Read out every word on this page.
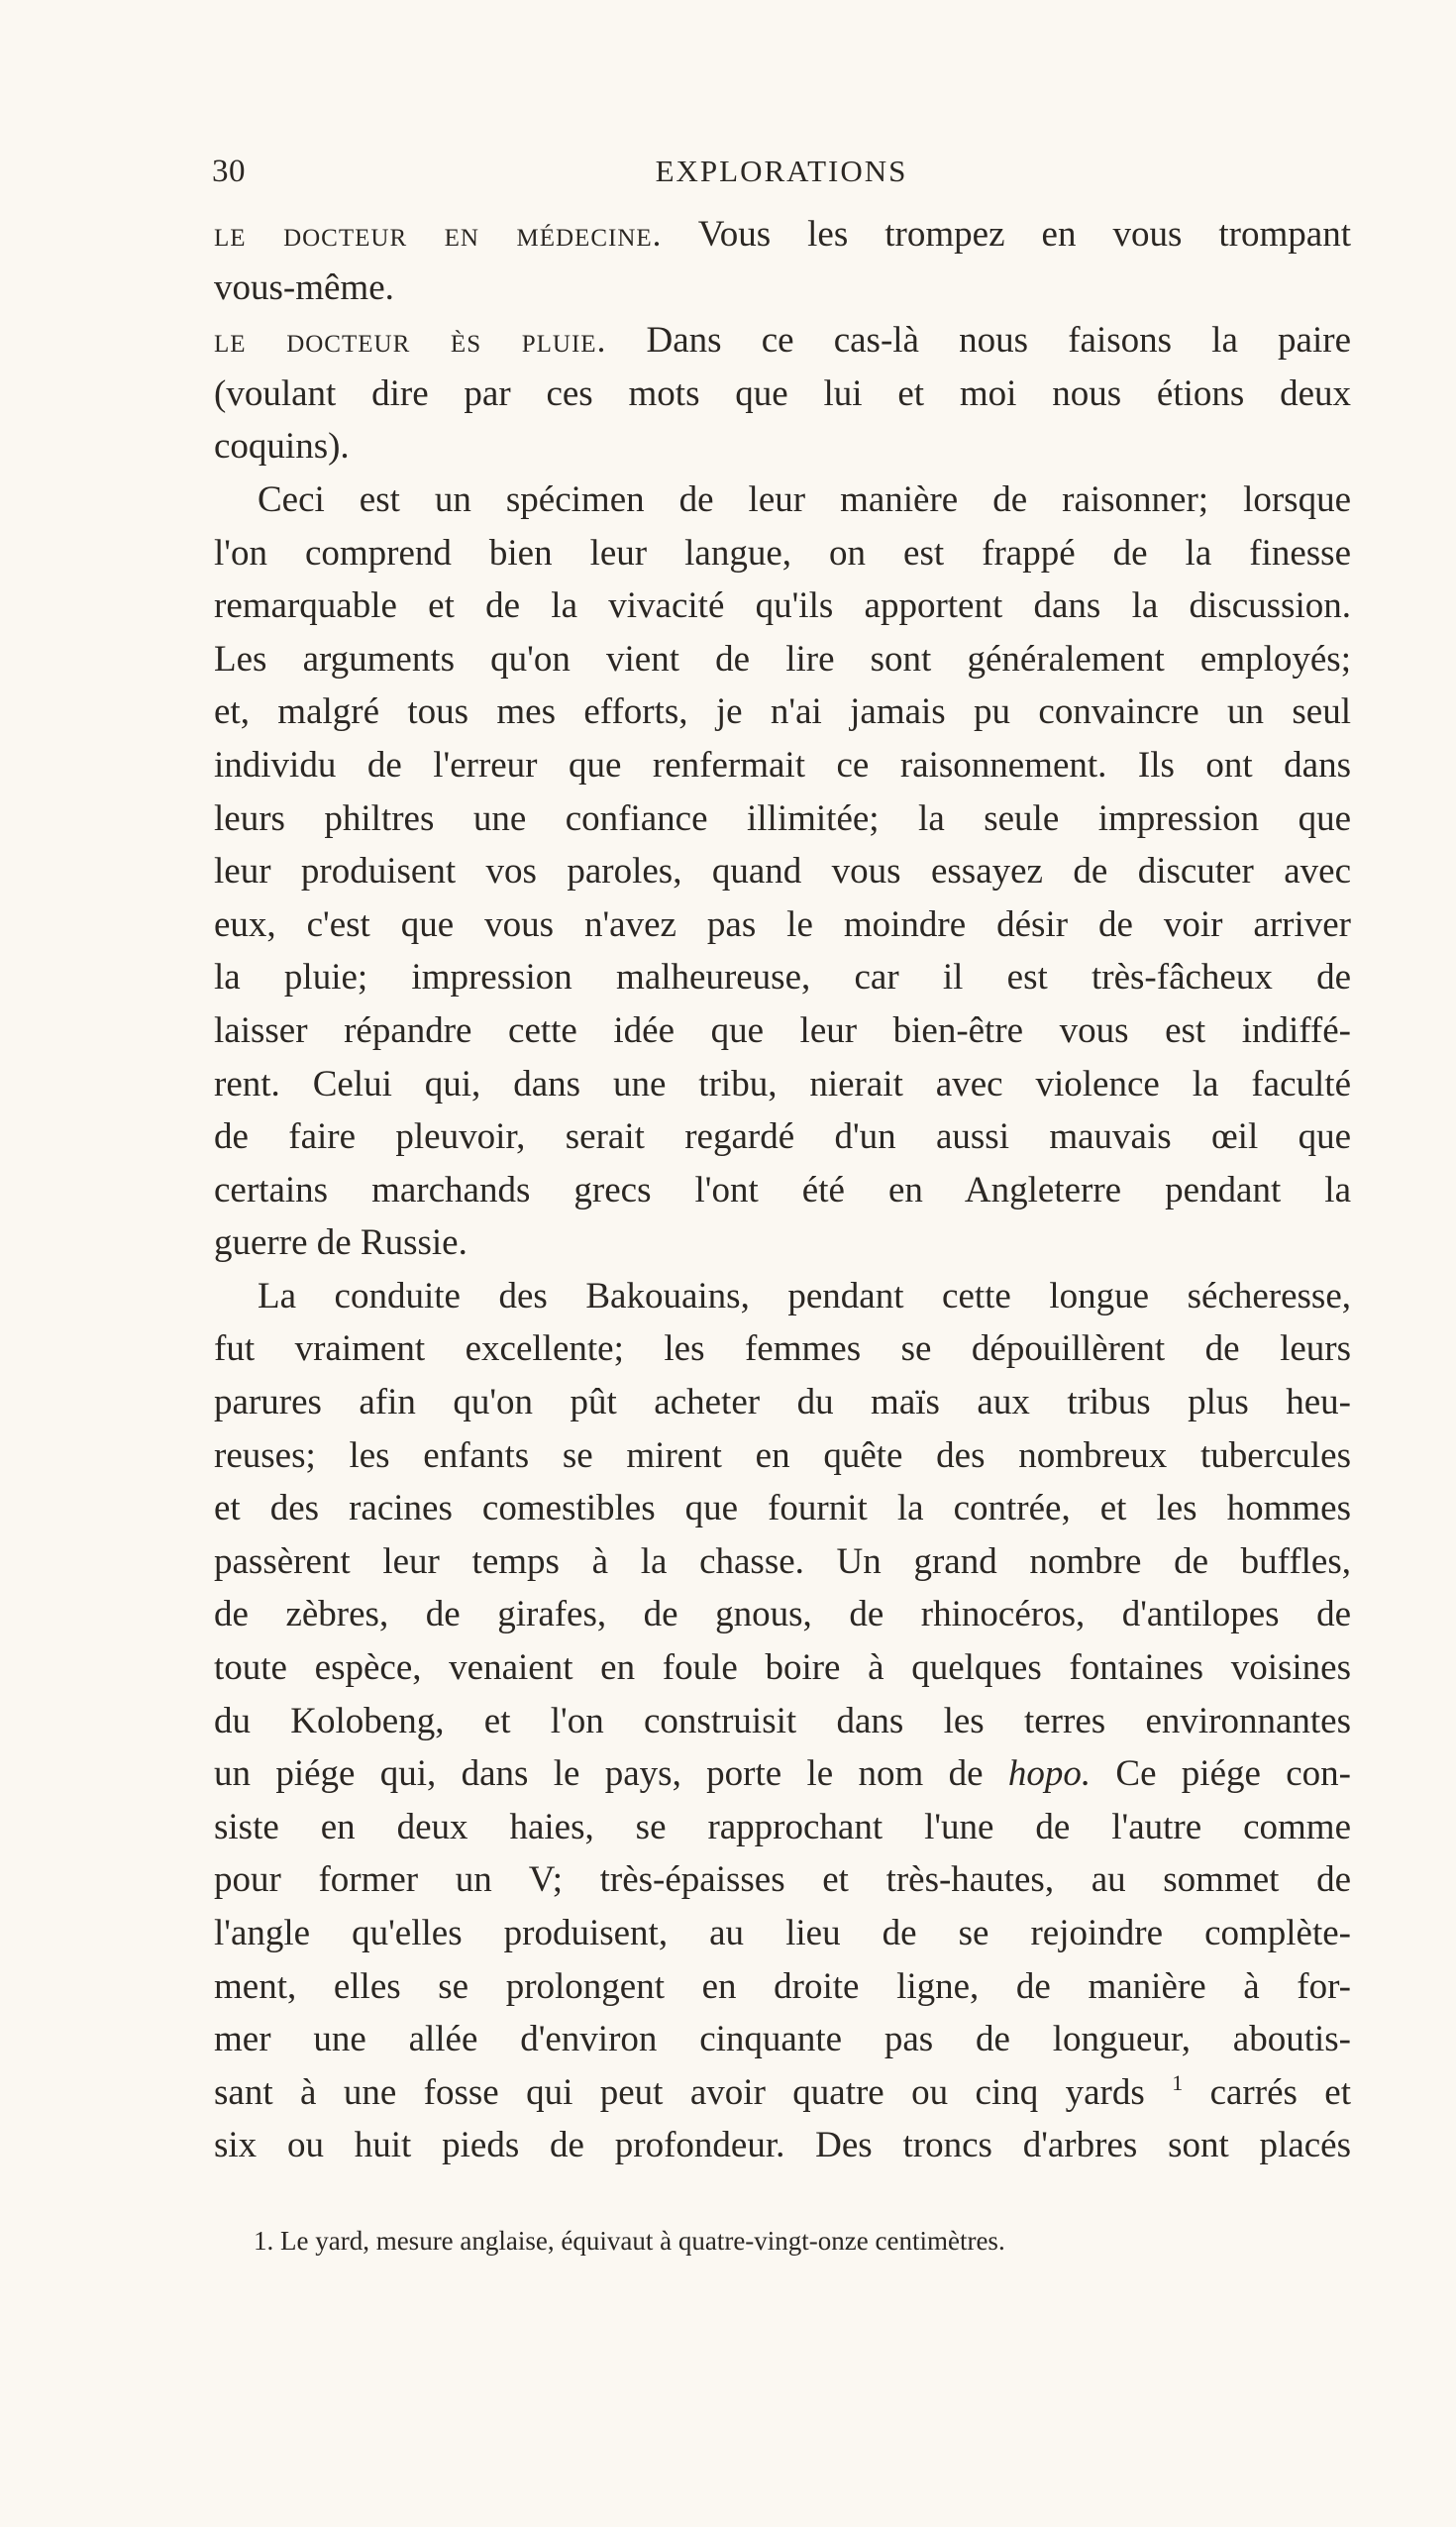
30	EXPLORATIONS
le docteur en médecine. Vous les trompez en vous trompant
vous-même.
le docteur ès pluie. Dans ce cas-là nous faisons la paire
(voulant dire par ces mots que lui et moi nous étions deux
coquins).
Ceci est un spécimen de leur manière de raisonner; lorsque
l'on comprend bien leur langue, on est frappé de la finesse
remarquable et de la vivacité qu'ils apportent dans la discussion.
Les arguments qu'on vient de lire sont généralement employés;
et, malgré tous mes efforts, je n'ai jamais pu convaincre un seul
individu de l'erreur que renfermait ce raisonnement. Ils ont dans
leurs philtres une confiance illimitée; la seule impression que
leur produisent vos paroles, quand vous essayez de discuter avec
eux, c'est que vous n'avez pas le moindre désir de voir arriver
la pluie; impression malheureuse, car il est très-fâcheux de
laisser répandre cette idée que leur bien-être vous est indiffé-
rent. Celui qui, dans une tribu, nierait avec violence la faculté
de faire pleuvoir, serait regardé d'un aussi mauvais œil que
certains marchands grecs l'ont été en Angleterre pendant la
guerre de Russie.
La conduite des Bakouains, pendant cette longue sécheresse,
fut vraiment excellente; les femmes se dépouillèrent de leurs
parures afin qu'on pût acheter du maïs aux tribus plus heu-
reuses; les enfants se mirent en quête des nombreux tubercules
et des racines comestibles que fournit la contrée, et les hommes
passèrent leur temps à la chasse. Un grand nombre de buffles,
de zèbres, de girafes, de gnous, de rhinocéros, d'antilopes de
toute espèce, venaient en foule boire à quelques fontaines voisines
du Kolobeng, et l'on construisit dans les terres environnantes
un piége qui, dans le pays, porte le nom de hopo. Ce piége con-
siste en deux haies, se rapprochant l'une de l'autre comme
pour former un V; très-épaisses et très-hautes, au sommet de
l'angle qu'elles produisent, au lieu de se rejoindre complète-
ment, elles se prolongent en droite ligne, de manière à for-
mer une allée d'environ cinquante pas de longueur, aboutis-
sant à une fosse qui peut avoir quatre ou cinq yards $^1$ carrés et
six ou huit pieds de profondeur. Des troncs d'arbres sont placés
1. Le yard, mesure anglaise, équivaut à quatre-vingt-onze centimètres.
